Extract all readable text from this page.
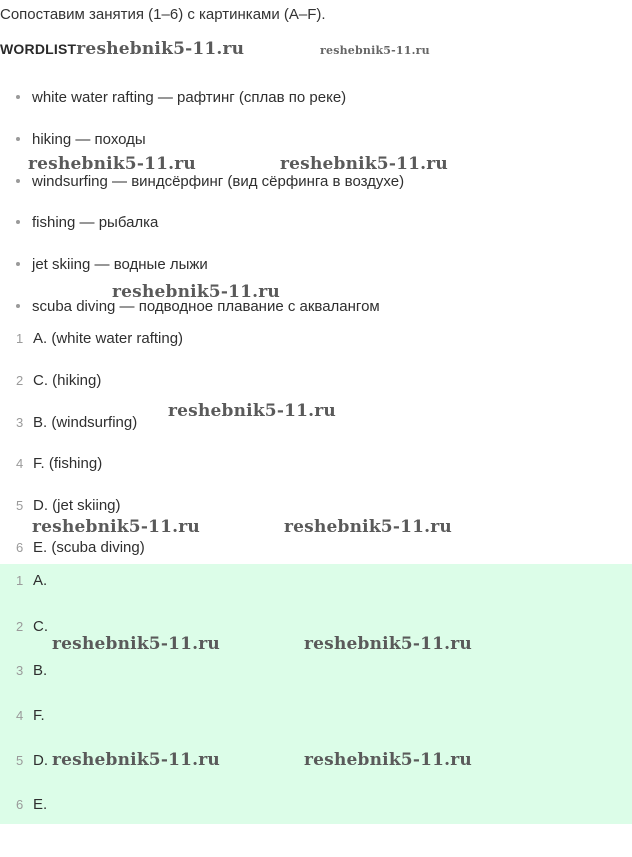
Сопоставим занятия (1–6) с картинками (A–F).
WORDLISTreshebnik5-11.ru	reshebnik5-11.ru
white water rafting — рафтинг (сплав по реке)
hiking — походы
windsurfing — виндсёрфинг (вид сёрфинга в воздухе)
fishing — рыбалка
jet skiing — водные лыжи
scuba diving — подводное плавание с аквалангом
1 A. (white water rafting)
2 C. (hiking)
3 B. (windsurfing)
4 F. (fishing)
5 D. (jet skiing)
6 E. (scuba diving)
1 A.
2 C.
3 B.
4 F.
5 D.
6 E.
reshebnik5-11.ru	reshebnik5-11.ru
reshebnik5-11.ru
reshebnik5-11.ru
reshebnik5-11.ru	reshebnik5-11.ru
reshebnik5-11.ru	reshebnik5-11.ru
reshebnik5-11.ru	reshebnik5-11.ru
